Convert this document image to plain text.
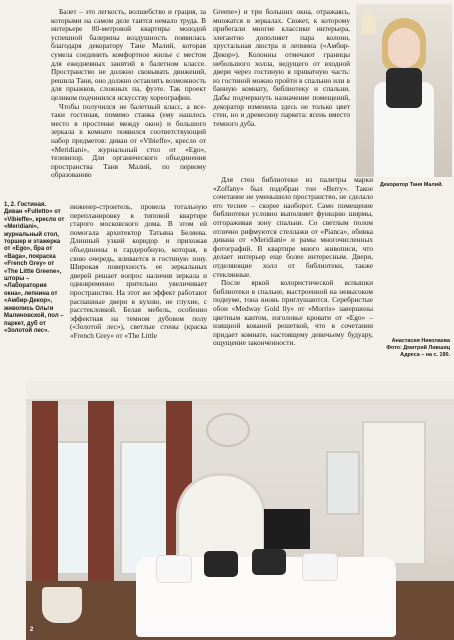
Балет – это легкость, волшебство и грация, за которыми на самом деле таится немало труда. В интерьере 80-метровой квартиры молодой успешной балерины воздушность появилась благодаря декоратору Тане Малий, которая сумела соединить комфортное жилье с местом для ежедневных занятий в балетном классе. Пространство не должно сковывать движений, решила Таня, оно должно оставлять возможность для прыжков, сложных па, фуэте. Так проект целиком подчинился искусству хореографии.

Чтобы получился не балетный класс, а все-таки гостиная, помимо станка (ему нашлось место в простенке между окон) и большого зеркала в комнате появился соответствующий набор предметов: диван от «Vibieffe», кресло от «Meridiani», журнальный стол от «Ego», телевизор. Для органического объединения пространства Таня Малий, по первому образованию

инженер-строитель, провела тотальную перепланировку в типовой квартире старого московского дома. В этом ей помогала архитектор Татьяна Беляева. Длинный узкий коридор и прихожая объединены в гардеробную, которая, в свою очередь, вливается в гостиную зону. Широкая поверхность ее зеркальных дверей решает вопрос наличия зеркала и одновременно зрительно увеличивает пространство. На этот же эффект работают распашные двери в кухню, не глухие, с расстекловкой. Белая мебель, особенно эффектная на темном дубовом полу («Золотой лес»), светлые стены (краска «French Grey» от «The Little

Greene») и три больших окна, отражаясь, множатся в зеркалах. Сюжет, к которому прибегали многие классики интерьера, элегантно дополняет пара колонн, хрустальная люстра и лепнина («Амбир-Декор»). Колонны отмечают границы небольшого холла, ведущего от входной двери через гостиную в приватную часть: из гостиной можно пройти в спальню или в банную комнату, библиотеку и спальни. Дабы подчеркнуть назначение помещений, декоратор изменила здесь не только цвет стен, но и древесину паркета: ясень вместо темного дуба.

Декоратор Таня Малий.

Для стен библиотеки из палитры марки «Zoffany» был подобран тон «Berry». Такое сочетание не уменьшило пространство, не сделало его теснее – скорее наоборот. Само помещение библиотеки условно выполняет функцию ширмы, отгораживая зону спальни. Со светлым полом отлично рифмуются стеллажи от «Pianca», обивка дивана от «Meridiani» и рамы многочисленных фотографий. В квартире много живописи, что делает интерьер еще более интересным. Двери, отделяющие холл от библиотеки, также стеклянные.

После яркой колористической вспышки библиотеки в спальне, выстроенной на невысоком подиуме, тона вновь приглушаются. Серебристые обои «Medway Gold lly» от «Morris» завершены цветным кантом, изголовье кровати от «Ego» – изящной кованой решеткой, что в сочетании придает комнате, настоящему девичьему будуару, ощущение законченности.

1, 2. Гостиная. Диван «Fulletto» от «Vibieffe», кресло от «Meridiani», журнальный стол, торшер и этажерка от «Ego», бра от «Baga», покраска «French Grey» от «The Little Greene», шторы – «Лаборатория окна», лепнина от «Амбир-Декор», живопись Ольги Малиновской, пол – паркет, дуб от «Золотой лес».
Анастасия Николаева
Фото: Дмитрий Лившиц
Адреса – на с. 190.
2
